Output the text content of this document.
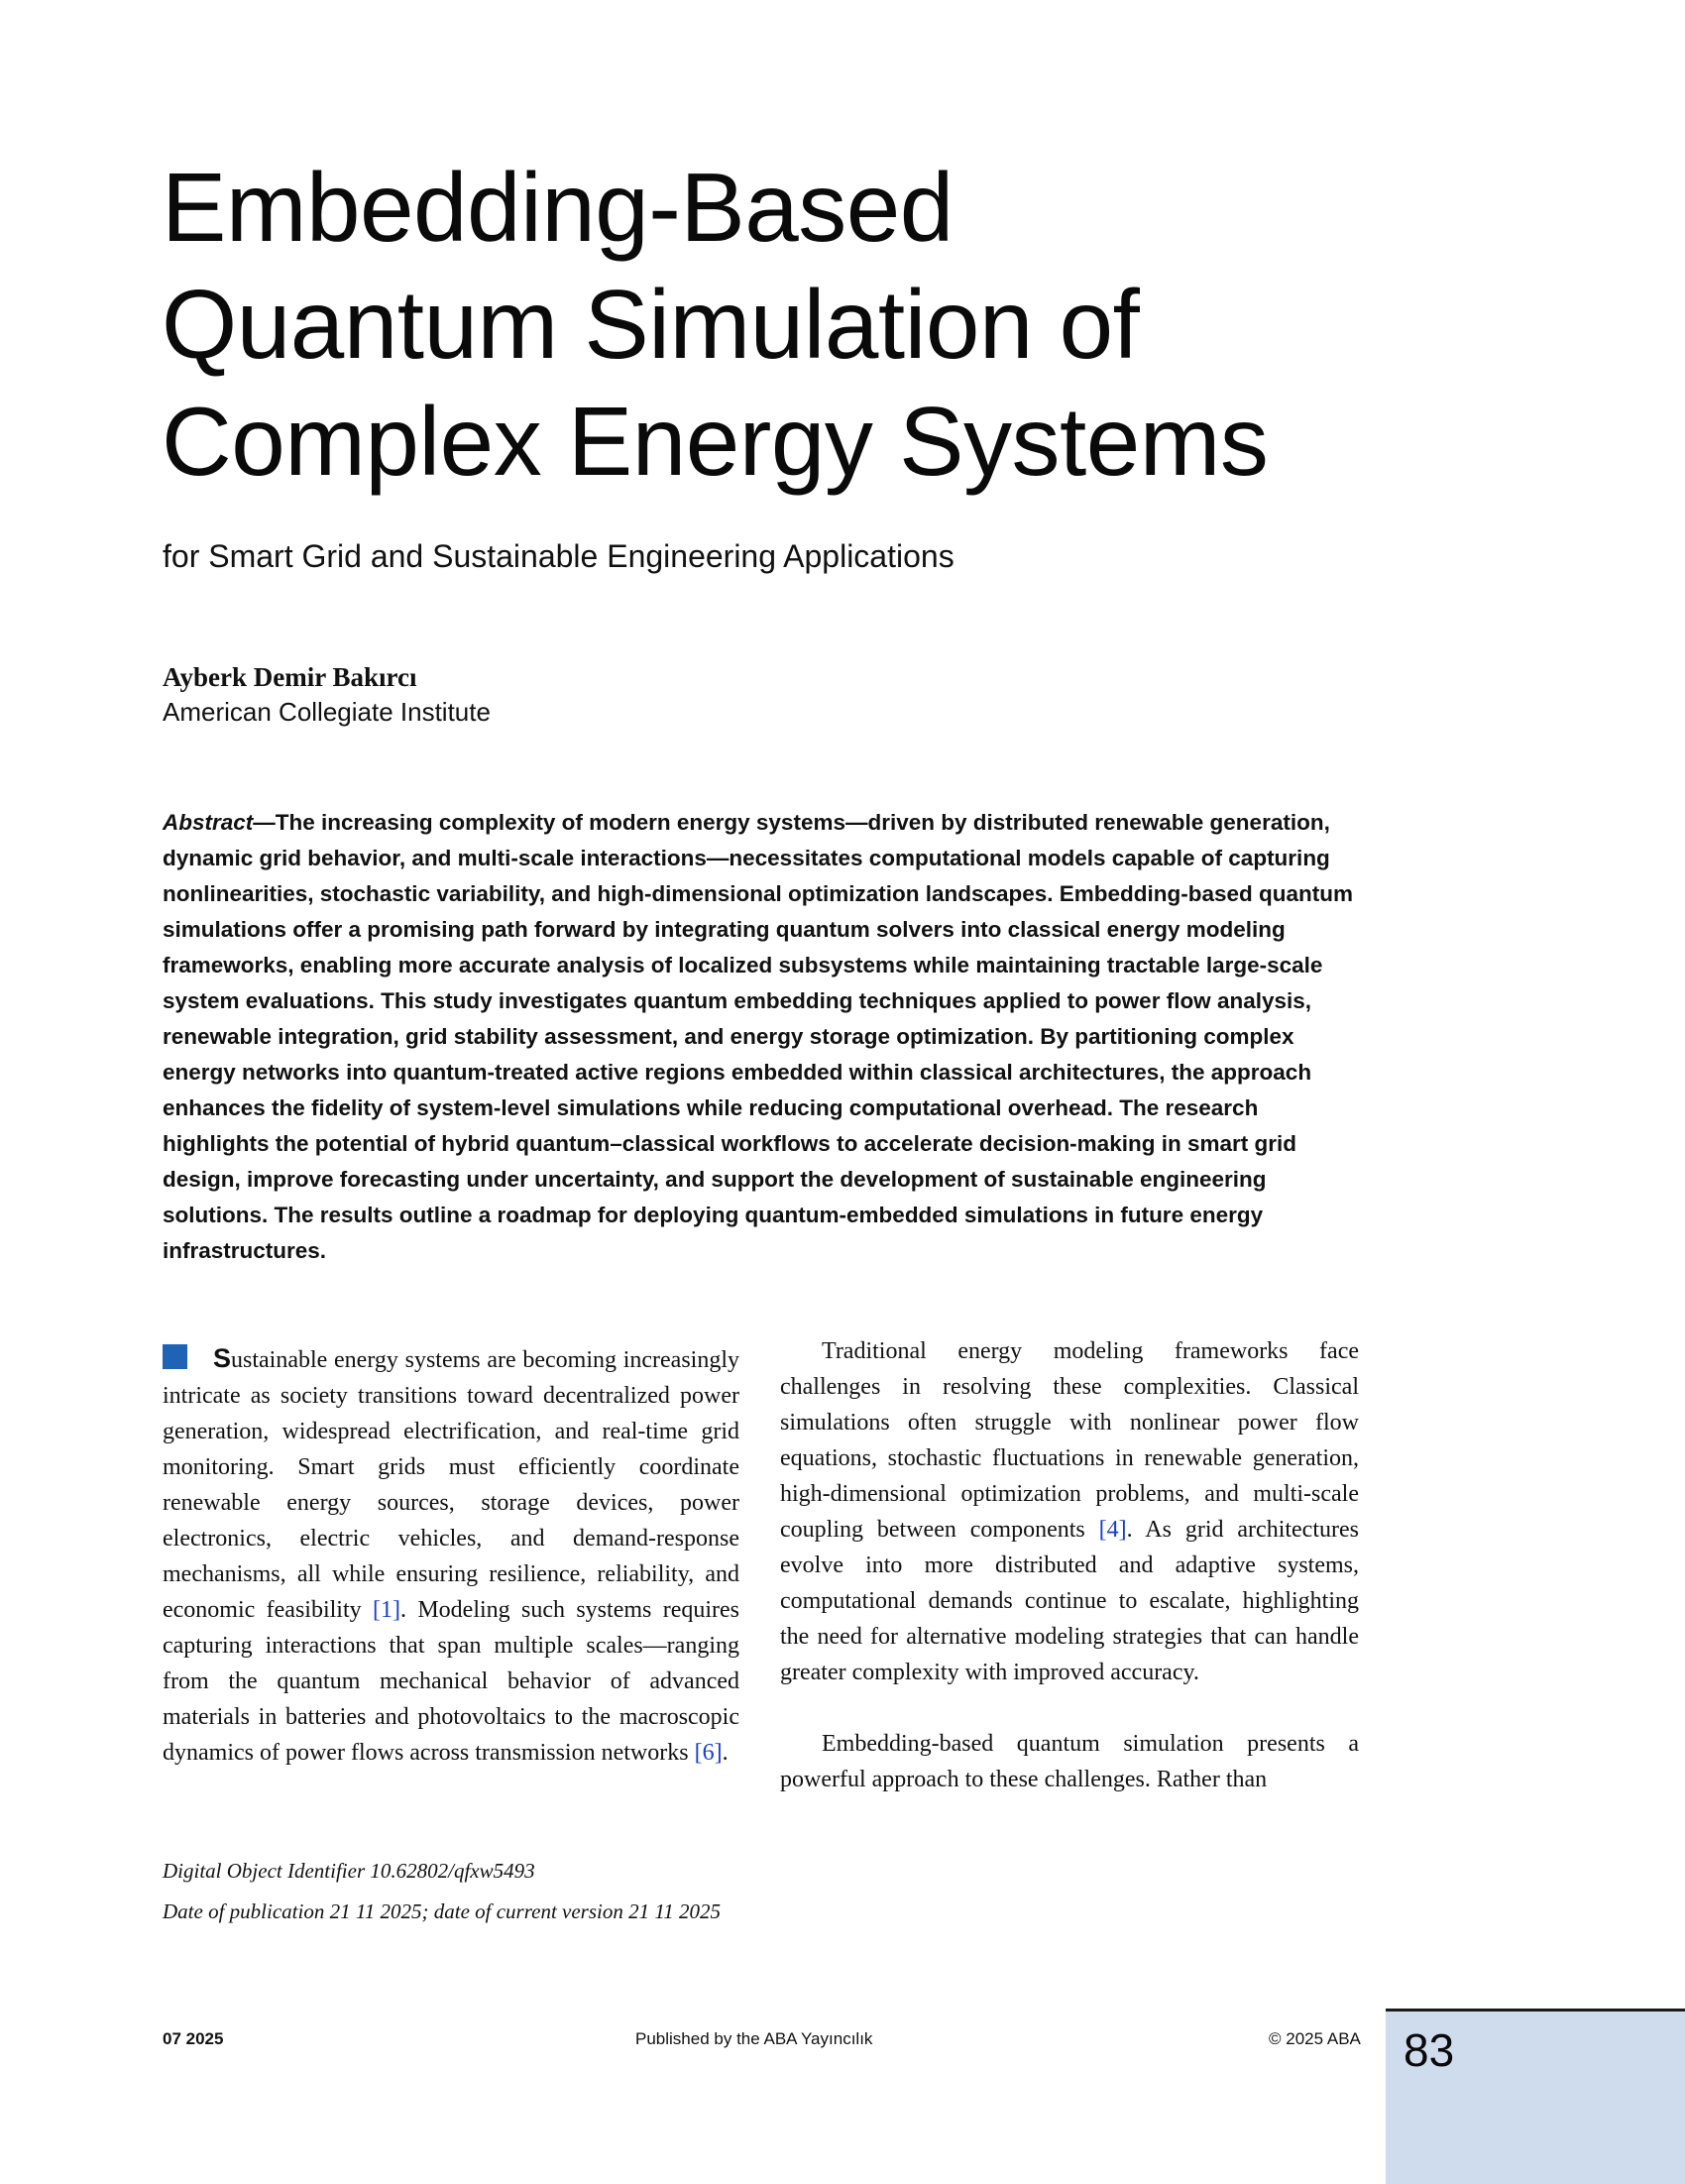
Embedding-Based
Quantum Simulation of
Complex Energy Systems

for Smart Grid and Sustainable Engineering Applications

Ayberk Demir Bakırcı

American Collegiate Institute

Abstract—The increasing complexity of modern energy systems—driven by distributed renewable generation, dynamic grid behavior, and multi-scale interactions—necessitates computational models capable of capturing nonlinearities, stochastic variability, and high-dimensional optimization landscapes. Embedding-based quantum simulations offer a promising path forward by integrating quantum solvers into classical energy modeling frameworks, enabling more accurate analysis of localized subsystems while maintaining tractable large-scale system evaluations. This study investigates quantum embedding techniques applied to power flow analysis, renewable integration, grid stability assessment, and energy storage optimization. By partitioning complex energy networks into quantum-treated active regions embedded within classical architectures, the approach enhances the fidelity of system-level simulations while reducing computational overhead. The research highlights the potential of hybrid quantum–classical workflows to accelerate decision-making in smart grid design, improve forecasting under uncertainty, and support the development of sustainable engineering solutions. The results outline a roadmap for deploying quantum-embedded simulations in future energy infrastructures.

Sustainable energy systems are becoming increasingly intricate as society transitions toward decentralized power generation, widespread electrification, and real-time grid monitoring. Smart grids must efficiently coordinate renewable energy sources, storage devices, power electronics, electric vehicles, and demand-response mechanisms, all while ensuring resilience, reliability, and economic feasibility [1]. Modeling such systems requires capturing interactions that span multiple scales—ranging from the quantum mechanical behavior of advanced materials in batteries and photovoltaics to the macroscopic dynamics of power flows across transmission networks [6].

Traditional energy modeling frameworks face challenges in resolving these complexities. Classical simulations often struggle with nonlinear power flow equations, stochastic fluctuations in renewable generation, high-dimensional optimization problems, and multi-scale coupling between components [4]. As grid architectures evolve into more distributed and adaptive systems, computational demands continue to escalate, highlighting the need for alternative modeling strategies that can handle greater complexity with improved accuracy.

Embedding-based quantum simulation presents a powerful approach to these challenges. Rather than

Digital Object Identifier 10.62802/qfxw5493

Date of publication 21 11 2025; date of current version 21 11 2025

07 2025	Published by the ABA Yayıncılık	© 2025 ABA 83
